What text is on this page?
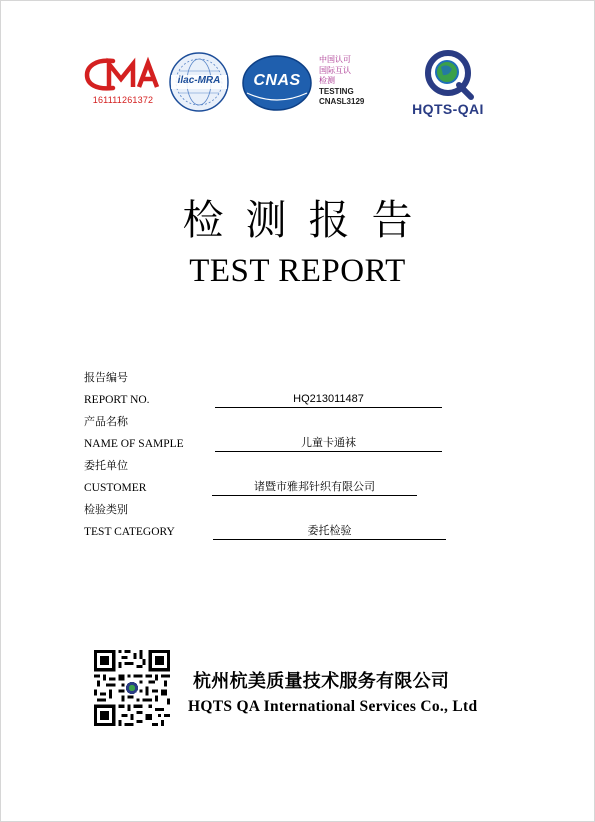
161111261372
ilac-MRA	CNAS
中国认可
国际互认
检测
TESTING
CNASL3129	HQTS-QAI
检测报告
TEST REPORT
报告编号
REPORT NO.	HQ213011487
产品名称
NAME OF SAMPLE	儿童卡通袜
委托单位
CUSTOMER	诸暨市雅邦针织有限公司
检验类别
TEST CATEGORY	委托检验
杭州杭美质量技术服务有限公司
HQTS QA International Services Co., Ltd
